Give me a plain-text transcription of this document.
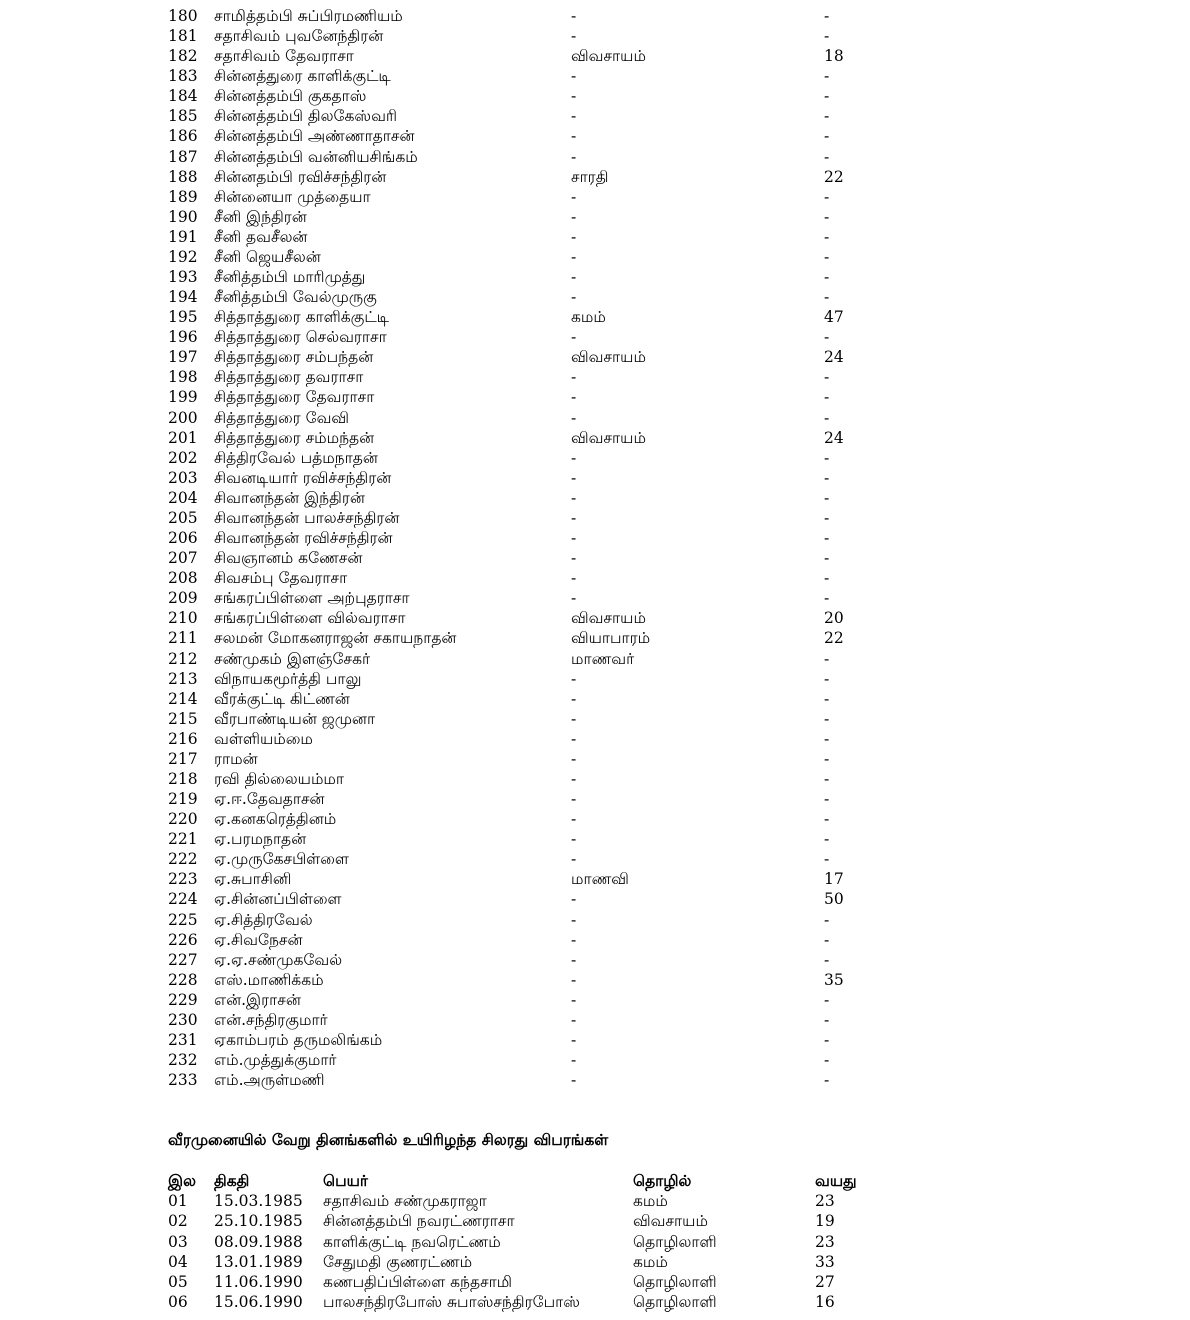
180 சாமித்தம்பி சுப்பிரமணியம்	-	-
181 சதாசிவம் புவனேந்திரன்	-	-
182 சதாசிவம் தேவராசா	விவசாயம்	18
183 சின்னத்துரை காளிக்குட்டி	-	-
184 சின்னத்தம்பி குகதாஸ்	-	-
185 சின்னத்தம்பி திலகேஸ்வரி	-	-
186 சின்னத்தம்பி அண்ணாதாசன்	-	-
187 சின்னத்தம்பி வன்னியசிங்கம்	-	-
188 சின்னதம்பி ரவிச்சந்திரன்	சாரதி	22
189 சின்னையா முத்தையா	-	-
190 சீனி இந்திரன்	-	-
191 சீனி தவசீலன்	-	-
192 சீனி ஜெயசீலன்	-	-
193 சீனித்தம்பி மாரிமுத்து	-	-
194 சீனித்தம்பி வேல்முருகு	-	-
195 சித்தாத்துரை காளிக்குட்டி	கமம்	47
196 சித்தாத்துரை செல்வராசா	-	-
197 சித்தாத்துரை சம்பந்தன்	விவசாயம்	24
198 சித்தாத்துரை தவராசா	-	-
199 சித்தாத்துரை தேவராசா	-	-
200 சித்தாத்துரை வேவி	-	-
201 சித்தாத்துரை சம்மந்தன்	விவசாயம்	24
202 சித்திரவேல் பத்மநாதன்	-	-
203 சிவனடியார் ரவிச்சந்திரன்	-	-
204 சிவானந்தன் இந்திரன்	-	-
205 சிவானந்தன் பாலச்சந்திரன்	-	-
206 சிவானந்தன் ரவிச்சந்திரன்	-	-
207 சிவஞானம் கணேசன்	-	-
208 சிவசம்பு தேவராசா	-	-
209 சங்கரப்பிள்ளை அற்புதராசா	-	-
210 சங்கரப்பிள்ளை வில்வராசா	விவசாயம்	20
211 சலமன் மோகனராஜன் சகாயநாதன்	வியாபாரம்	22
212 சண்முகம் இளஞ்சேகர்	மாணவர்	-
213 விநாயகமூர்த்தி பாலு	-	-
214 வீரக்குட்டி கிட்ணன்	-	-
215 வீரபாண்டியன் ஜமுனா	-	-
216 வள்ளியம்மை	-	-
217 ராமன்	-	-
218 ரவி தில்லையம்மா	-	-
219 ஏ.ஈ.தேவதாசன்	-	-
220 ஏ.கனகரெத்தினம்	-	-
221 ஏ.பரமநாதன்	-	-
222 ஏ.முருகேசபிள்ளை	-	-
223 ஏ.சுபாசினி	மாணவி	17
224 ஏ.சின்னப்பிள்ளை	-	50
225 ஏ.சித்திரவேல்	-	-
226 ஏ.சிவநேசன்	-	-
227 ஏ.ஏ.சண்முகவேல்	-	-
228 எஸ்.மாணிக்கம்	-	35
229 என்.இராசன்	-	-
230 என்.சந்திரகுமார்	-	-
231 ஏகாம்பரம் தருமலிங்கம்	-	-
232 எம்.முத்துக்குமார்	-	-
233 எம்.அருள்மணி	-	-
வீரமுனையில் வேறு தினங்களில் உயிரிழந்த சிலரது விபரங்கள்
இல திகதி	பெயர்	தொழில்	வயது
01 15.03.1985 சதாசிவம் சண்முகராஜா	கமம்	23
02 25.10.1985 சின்னத்தம்பி நவரட்ணராசா	விவசாயம்	19
03 08.09.1988 காளிக்குட்டி நவரெட்ணம்	தொழிலாளி	23
04 13.01.1989 சேதுமதி குணரட்ணம்	கமம்	33
05 11.06.1990 கணபதிப்பிள்ளை கந்தசாமி	தொழிலாளி	27
06 15.06.1990 பாலசந்திரபோஸ் சுபாஸ்சந்திரபோஸ்	தொழிலாளி	16
